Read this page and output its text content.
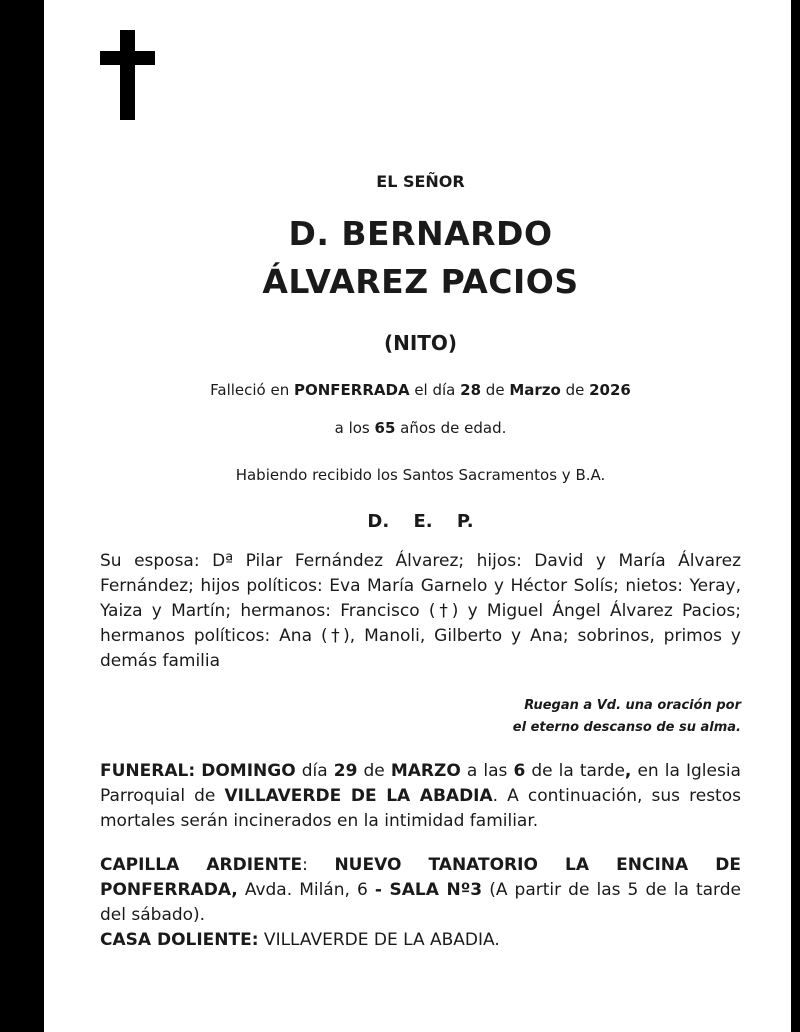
EL SEÑOR
D. BERNARDO
ÁLVAREZ PACIOS
(NITO)
Falleció en PONFERRADA el día 28 de Marzo de 2026
a los 65 años de edad.
Habiendo recibido los Santos Sacramentos y B.A.
D. E. P.
Su esposa: Dª Pilar Fernández Álvarez; hijos: David y María Álvarez Fernández; hijos políticos: Eva María Garnelo y Héctor Solís; nietos: Yeray, Yaiza y Martín; hermanos: Francisco (†) y Miguel Ángel Álvarez Pacios; hermanos políticos: Ana (†), Manoli, Gilberto y Ana; sobrinos, primos y demás familia
Ruegan a Vd. una oración por
el eterno descanso de su alma.
FUNERAL: DOMINGO día 29 de MARZO a las 6 de la tarde, en la Iglesia Parroquial de VILLAVERDE DE LA ABADIA. A continuación, sus restos mortales serán incinerados en la intimidad familiar.
CAPILLA ARDIENTE: NUEVO TANATORIO LA ENCINA DE PONFERRADA, Avda. Milán, 6 - SALA Nº3 (A partir de las 5 de la tarde del sábado).
CASA DOLIENTE: VILLAVERDE DE LA ABADIA.
